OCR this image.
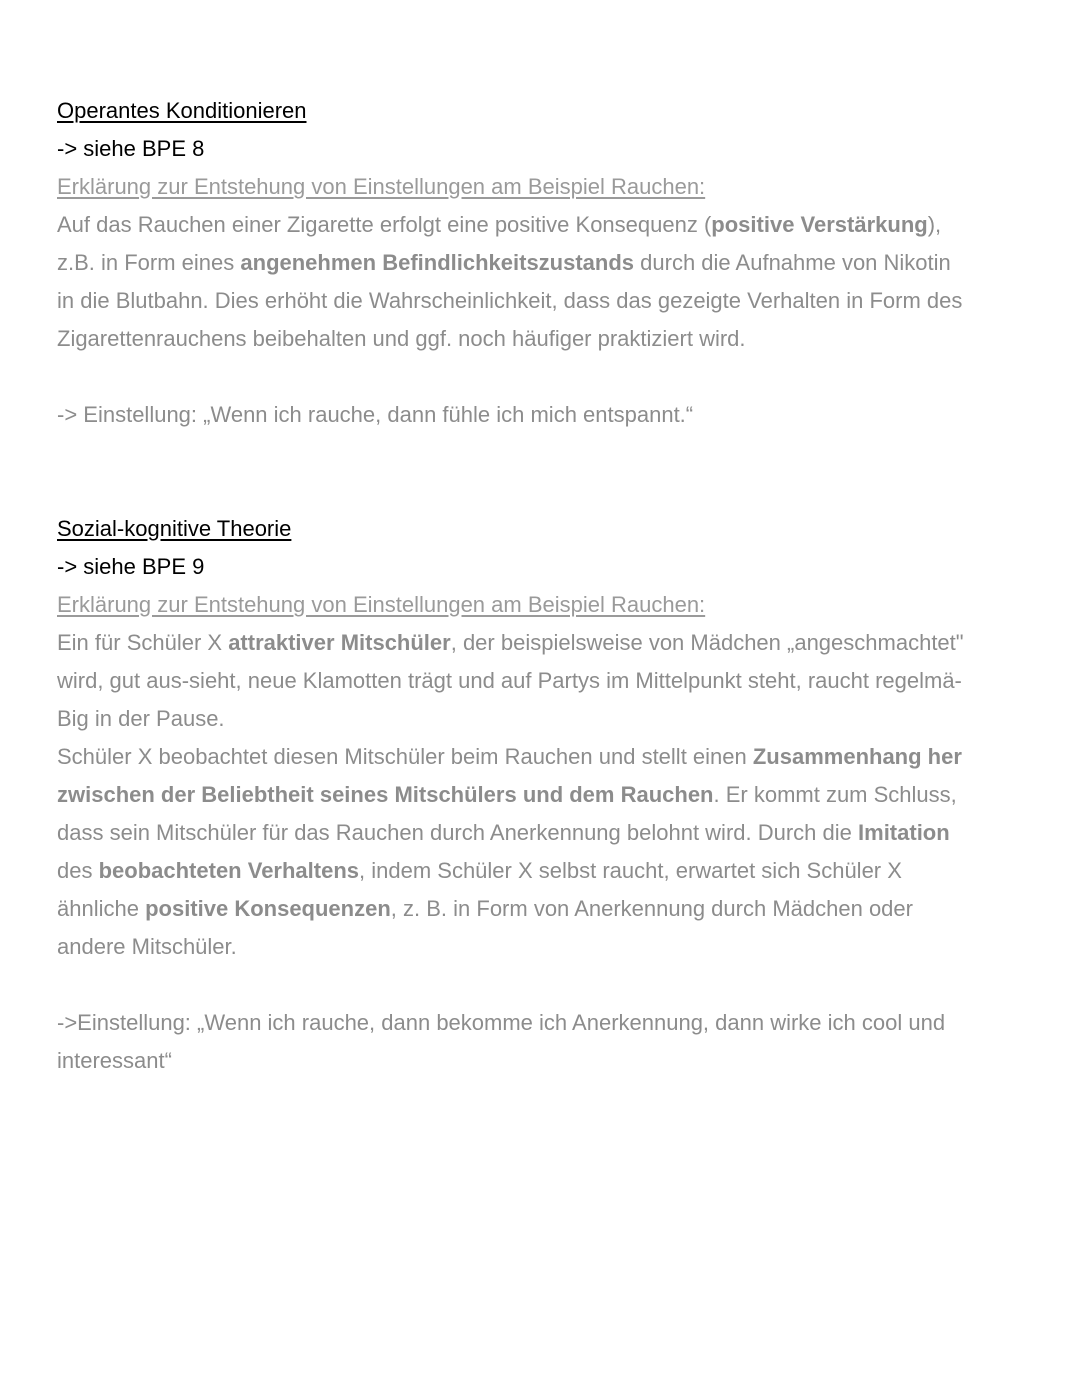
Operantes Konditionieren
-> siehe BPE 8
Erklärung zur Entstehung von Einstellungen am Beispiel Rauchen:
Auf das Rauchen einer Zigarette erfolgt eine positive Konsequenz (positive Verstärkung),
z.B. in Form eines angenehmen Befindlichkeitszustands durch die Aufnahme von Nikotin
in die Blutbahn. Dies erhöht die Wahrscheinlichkeit, dass das gezeigte Verhalten in Form des
Zigarettenrauchens beibehalten und ggf. noch häufiger praktiziert wird.
-> Einstellung: „Wenn ich rauche, dann fühle ich mich entspannt.“
Sozial-kognitive Theorie
-> siehe BPE 9
Erklärung zur Entstehung von Einstellungen am Beispiel Rauchen:
Ein für Schüler X attraktiver Mitschüler, der beispielsweise von Mädchen „angeschmachtet"
wird, gut aus-sieht, neue Klamotten trägt und auf Partys im Mittelpunkt steht, raucht regelmä-
Big in der Pause.
Schüler X beobachtet diesen Mitschüler beim Rauchen und stellt einen Zusammenhang her
zwischen der Beliebtheit seines Mitschülers und dem Rauchen. Er kommt zum Schluss,
dass sein Mitschüler für das Rauchen durch Anerkennung belohnt wird. Durch die Imitation
des beobachteten Verhaltens, indem Schüler X selbst raucht, erwartet sich Schüler X
ähnliche positive Konsequenzen, z. B. in Form von Anerkennung durch Mädchen oder
andere Mitschüler.
->Einstellung: „Wenn ich rauche, dann bekomme ich Anerkennung, dann wirke ich cool und
interessant“
